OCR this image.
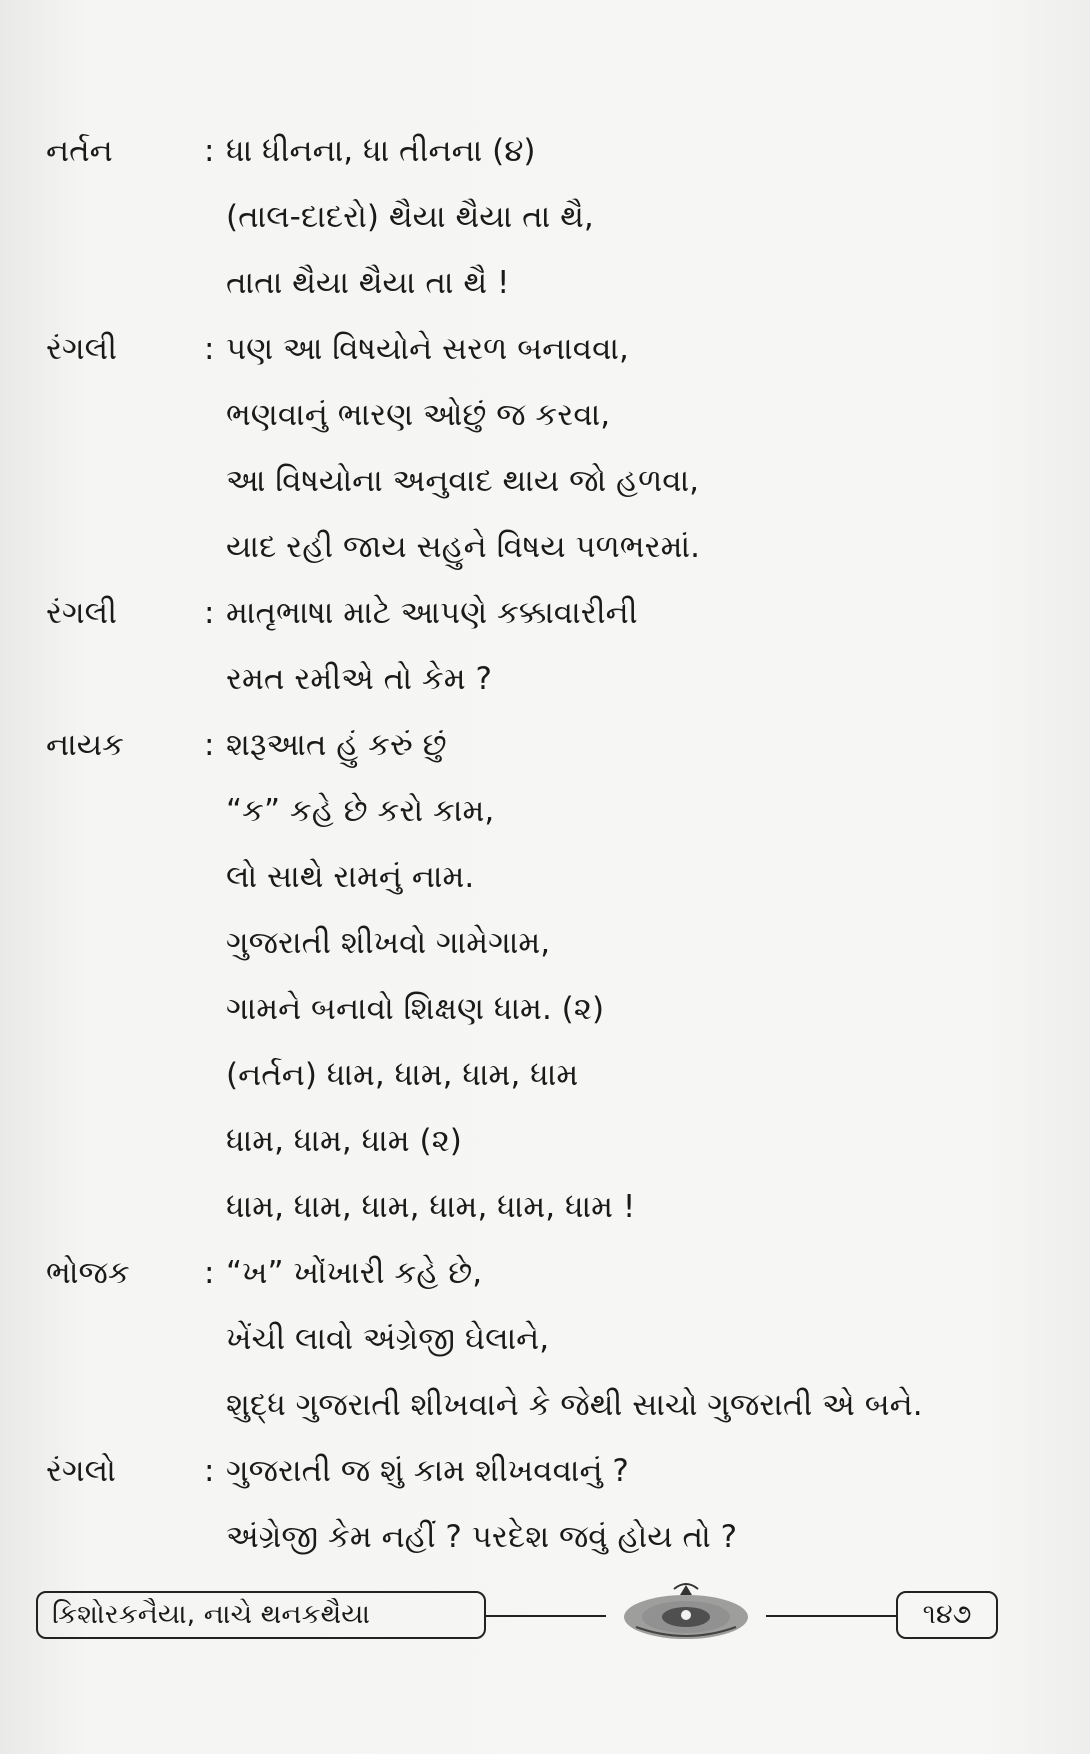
નર્તન	: ધા ધીનના, ધા તીનના (૪)
(તાલ-દાદરો) થૈયા થૈયા તા થૈ,
તાતા થૈયા થૈયા તા થૈ !
રંગલી	: પણ આ વિષયોને સરળ બનાવવા,
ભણવાનું ભારણ ઓછું જ કરવા,
આ વિષયોના અનુવાદ થાય જો હળવા,
યાદ રહી જાય સહુને વિષય પળભરમાં.
રંગલી	: માતૃભાષા માટે આપણે કક્કાવારીની
રમત રમીએ તો કેમ ?
નાયક	: શરૂઆત હું કરું છું
“ક” કહે છે કરો કામ,
લો સાથે રામનું નામ.
ગુજરાતી શીખવો ગામેગામ,
ગામને બનાવો શિક્ષણ ધામ. (૨)
(નર્તન) ધામ, ધામ, ધામ, ધામ
ધામ, ધામ, ધામ (૨)
ધામ, ધામ, ધામ, ધામ, ધામ, ધામ !
ભોજક	: “ખ” ખોંખારી કહે છે,
ખેંચી લાવો અંગ્રેજી ઘેલાને,
શુદ્ધ ગુજરાતી શીખવાને કે જેથી સાચો ગુજરાતી એ બને.
રંગલો	: ગુજરાતી જ શું કામ શીખવવાનું ?
અંગ્રેજી કેમ નહીં ? પરદેશ જવું હોય તો ?
કિશોરકનૈયા, નાચે થનકથૈયા	૧૪૭
